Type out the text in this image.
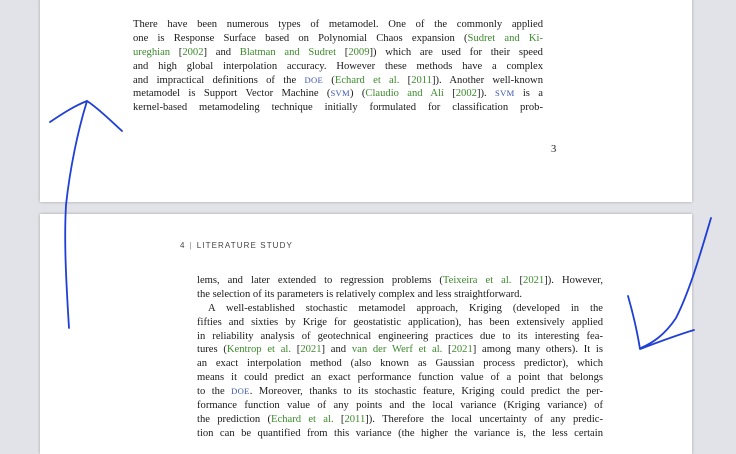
There have been numerous types of metamodel. One of the commonly applied
one is Response Surface based on Polynomial Chaos expansion (Sudret and Ki-
ureghian [2002] and Blatman and Sudret [2009]) which are used for their speed
and high global interpolation accuracy. However these methods have a complex
and impractical definitions of the DOE (Echard et al. [2011]). Another well-known
metamodel is Support Vector Machine (SVM) (Claudio and Alí [2002]). SVM is a
kernel-based metamodeling technique initially formulated for classification prob-
3
4 | LITERATURE STUDY
lems, and later extended to regression problems (Teixeira et al. [2021]). However,
the selection of its parameters is relatively complex and less straightforward.
A well-established stochastic metamodel approach, Kriging (developed in the
fifties and sixties by Krige for geostatistic application), has been extensively applied
in reliability analysis of geotechnical engineering practices due to its interesting fea-
tures (Kentrop et al. [2021] and van der Werf et al. [2021] among many others). It is
an exact interpolation method (also known as Gaussian process predictor), which
means it could predict an exact performance function value of a point that belongs
to the DOE. Moreover, thanks to its stochastic feature, Kriging could predict the per-
formance function value of any points and the local variance (Kriging variance) of
the prediction (Echard et al. [2011]). Therefore the local uncertainty of any predic-
tion can be quantified from this variance (the higher the variance is, the less certain
